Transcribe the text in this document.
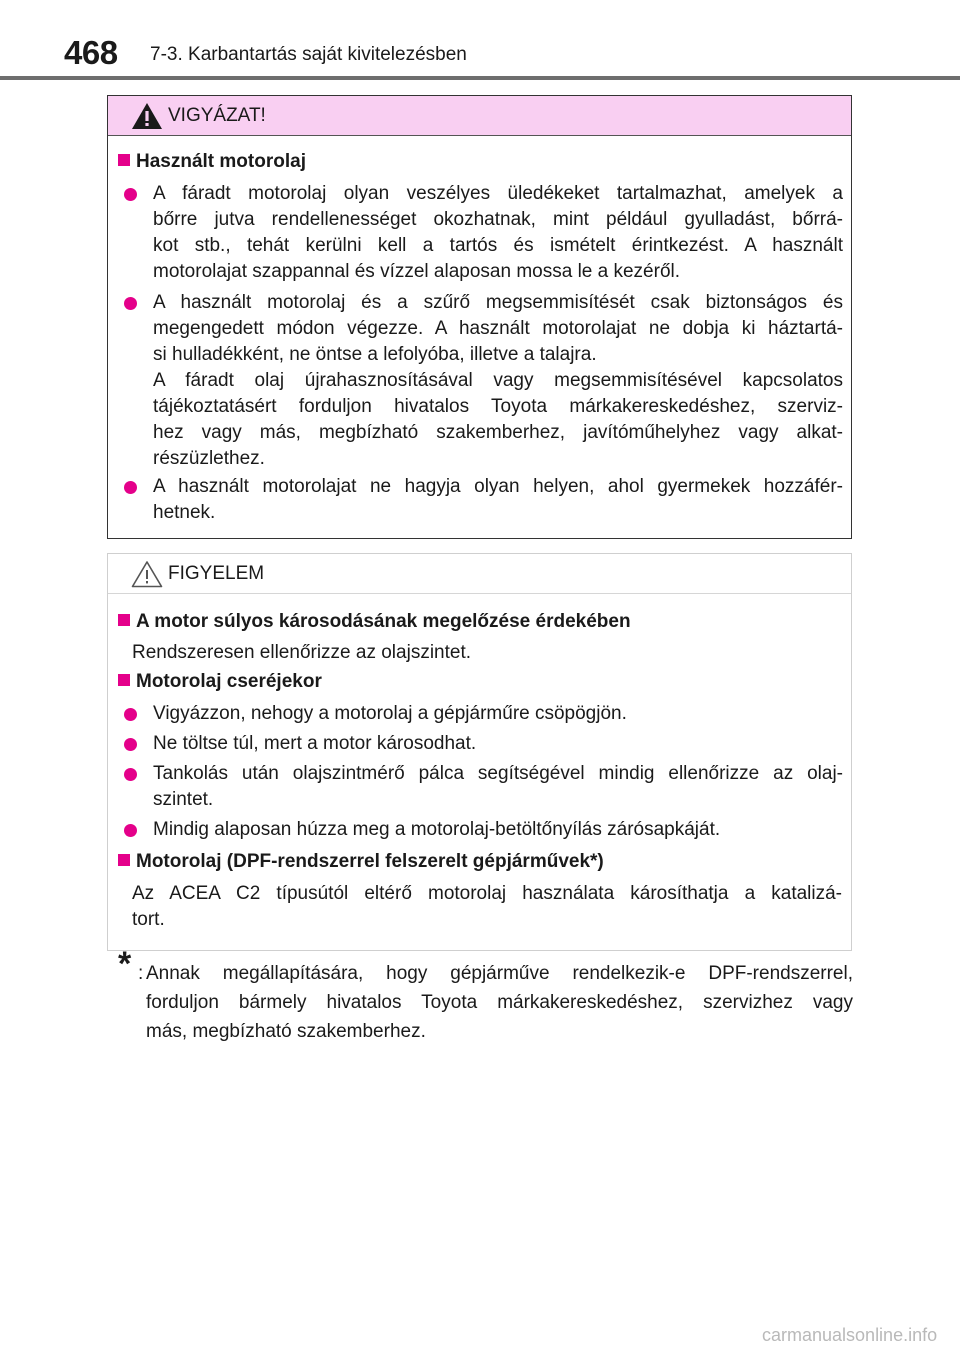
468 7-3. Karbantartás saját kivitelezésben
VIGYÁZAT!
Használt motorolaj
A fáradt motorolaj olyan veszélyes üledékeket tartalmazhat, amelyek a
bőrre jutva rendellenességet okozhatnak, mint például gyulladást, bőrrá-
kot stb., tehát kerülni kell a tartós és ismételt érintkezést. A használt
motorolajat szappannal és vízzel alaposan mossa le a kezéről.
A használt motorolaj és a szűrő megsemmisítését csak biztonságos és
megengedett módon végezze. A használt motorolajat ne dobja ki háztartá-
si hulladékként, ne öntse a lefolyóba, illetve a talajra.
A fáradt olaj újrahasznosításával vagy megsemmisítésével kapcsolatos
tájékoztatásért forduljon hivatalos Toyota márkakereskedéshez, szerviz-
hez vagy más, megbízható szakemberhez, javítóműhelyhez vagy alkat-
részüzlethez.
A használt motorolajat ne hagyja olyan helyen, ahol gyermekek hozzáfér-
hetnek.
FIGYELEM
A motor súlyos károsodásának megelőzése érdekében
Rendszeresen ellenőrizze az olajszintet.
Motorolaj cseréjekor
Vigyázzon, nehogy a motorolaj a gépjárműre csöpögjön.
Ne töltse túl, mert a motor károsodhat.
Tankolás után olajszintmérő pálca segítségével mindig ellenőrizze az olaj-
szintet.
Mindig alaposan húzza meg a motorolaj-betöltőnyílás zárósapkáját.
Motorolaj (DPF-rendszerrel felszerelt gépjárművek*)
Az ACEA C2 típusútól eltérő motorolaj használata károsíthatja a katalizá-
tort.
* : Annak megállapítására, hogy gépjárműve rendelkezik-e DPF-rendszerrel,
forduljon bármely hivatalos Toyota márkakereskedéshez, szervizhez vagy
más, megbízható szakemberhez.
carmanualsonline.info
